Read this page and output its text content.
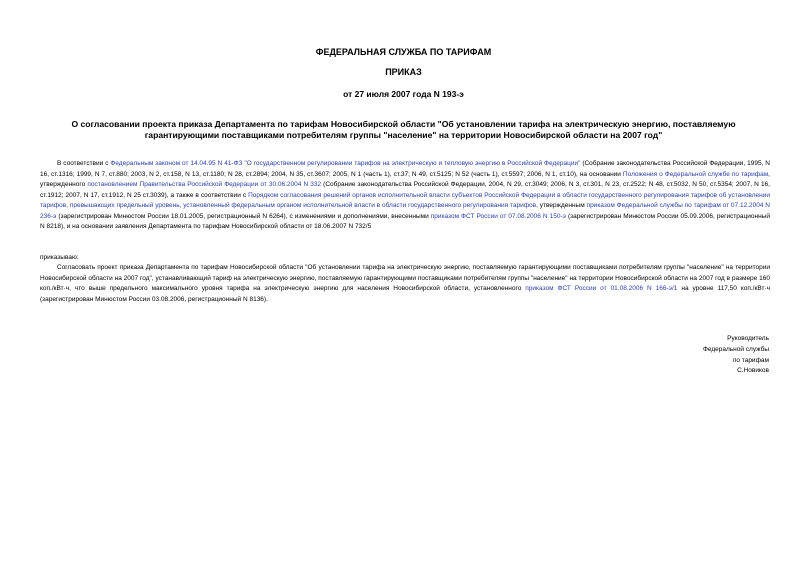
ФЕДЕРАЛЬНАЯ СЛУЖБА ПО ТАРИФАМ
ПРИКАЗ
от 27 июля 2007 года N 193-э
О согласовании проекта приказа Департамента по тарифам Новосибирской области "Об установлении тарифа на электрическую энергию, поставляемую гарантирующими поставщиками потребителям группы "население" на территории Новосибирской области на 2007 год"
В соответствии с Федеральным законом от 14.04.95 N 41-ФЗ "О государственном регулировании тарифов на электрическую и тепловую энергию в Российской Федерации" (Собрание законодательства Российской Федерации, 1995, N 16, ст.1316; 1999, N 7, ст.880; 2003, N 2, ст.158, N 13, ст.1180; N 28, ст.2894; 2004, N 35, ст.3607; 2005, N 1 (часть 1), ст.37; N 49, ст.5125; N 52 (часть 1), ст.5597; 2006, N 1, ст.10), на основании Положения о Федеральной службе по тарифам, утвержденного постановлением Правительства Российской Федерации от 30.06.2004 N 332 (Собрание законодательства Российской Федерации, 2004, N 29, ст.3049; 2006, N 3, ст.301, N 23, ст.2522; N 48, ст.5032, N 50, ст.5354; 2007, N 16, ст.1912; 2007, N 17, ст.1912, N 25 ст.3039), а также в соответствии с Порядком согласования решений органов исполнительной власти субъектов Российской Федерации в области государственного регулирования тарифов об установлении тарифов, превышающих предельный уровень, установленный федеральным органом исполнительной власти в области государственного регулирования тарифов, утвержденным приказом Федеральной службы по тарифам от 07.12.2004 N 236-э (зарегистрирован Минюстом России 18.01.2005, регистрационный N 6264), с изменениями и дополнениями, внесенными приказом ФСТ России от 07.08.2006 N 150-э (зарегистрирован Минюстом России 05.09.2006, регистрационный N 8218), и на основании заявления Департамента по тарифам Новосибирской области от 18.06.2007 N 732/5
приказываю:
Согласовать проект приказа Департамента по тарифам Новосибирской области "Об установлении тарифа на электрическую энергию, поставляемую гарантирующими поставщиками потребителям группы "население" на территории Новосибирской области на 2007 год", устанавливающий тариф на электрическую энергию, поставляемую гарантирующими поставщиками потребителям группы "население" на территории Новосибирской области на 2007 год в размере 160 коп./кВт·ч, что выше предельного максимального уровня тарифа на электрическую энергию для населения Новосибирской области, установленного приказом ФСТ России от 01.08.2006 N 166-э/1 на уровне 117,50 коп./кВт·ч (зарегистрирован Минюстом России 03.08.2006, регистрационный N 8136).
Руководитель
Федеральной службы
по тарифам
С.Новиков
